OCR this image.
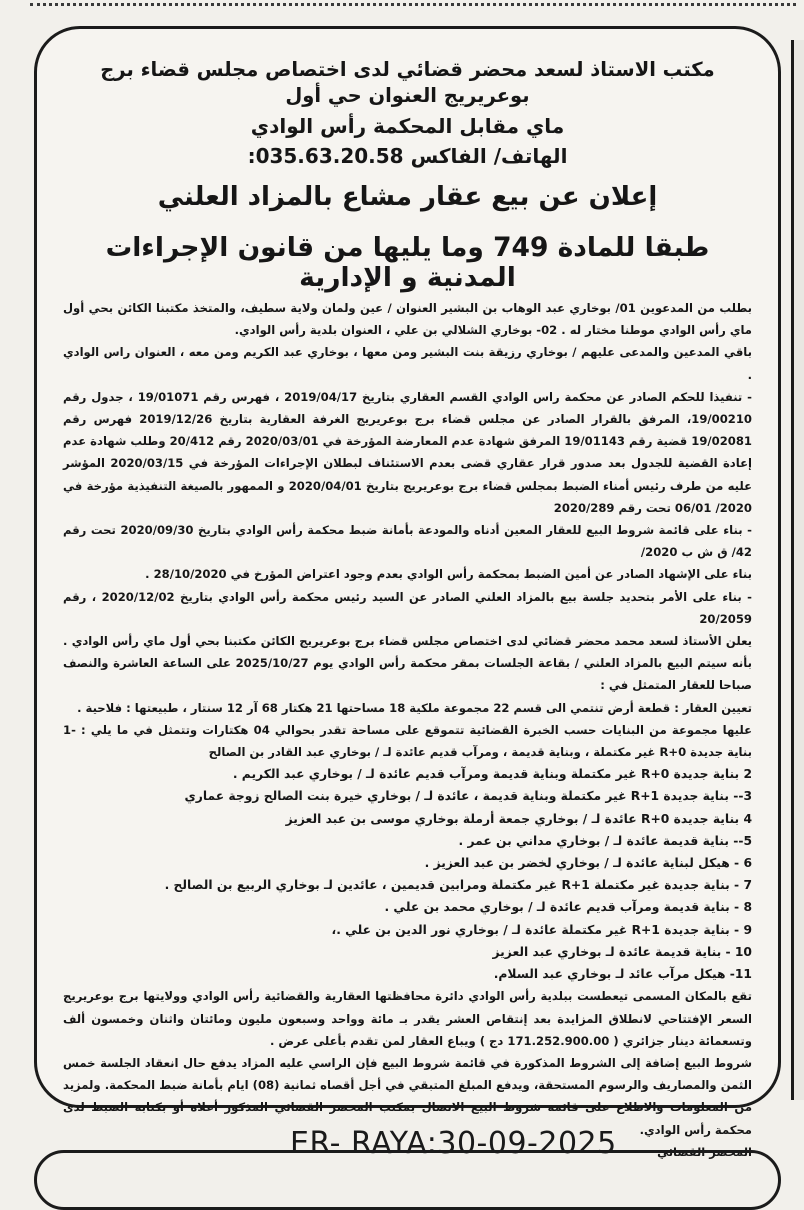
مكتب الاستاذ لسعد محضر قضائي لدى اختصاص مجلس قضاء برج بوعريريج العنوان حي أول
ماي مقابل المحكمة رأس الوادي
الهاتف/ الفاكس 035.63.20.58:
إعلان عن بيع عقار مشاع بالمزاد العلني
طبقا للمادة 749 وما يليها من قانون الإجراءات المدنية و الإدارية

بطلب من المدعوين 01/ بوخاري عبد الوهاب بن البشير العنوان / عين ولمان ولاية سطيف، والمتخذ مكتبنا الكائن بحي أول ماي رأس الوادي موطنا مختار له . 02- بوخاري الشلالي بن علي ، العنوان بلدية رأس الوادي.

باقي المدعين والمدعى عليهم / بوخاري رزيقة بنت البشير ومن معها ، بوخاري عبد الكريم ومن معه ، العنوان راس الوادي .

- تنفيذا للحكم الصادر عن محكمة راس الوادي القسم العقاري بتاريخ 2019/04/17 ، فهرس رقم 19/01071 ، جدول رقم 19/00210، المرفق بالقرار الصادر عن مجلس قضاء برج بوعريريج الغرفة العقارية بتاريخ 2019/12/26 فهرس رقم 19/02081 قضية رقم 19/01143 المرفق شهادة عدم المعارضة المؤرخة في 2020/03/01 رقم 20/412 وطلب شهادة عدم إعادة القضية للجدول بعد صدور قرار عقاري قضى بعدم الاستئناف لبطلان الإجراءات المؤرخة في 2020/03/15 المؤشر عليه من طرف رئيس أمناء الضبط بمجلس قضاء برج بوعريريج بتاريخ 2020/04/01 و الممهور بالصيغة التنفيذية مؤرخة في 2020/ 06/01 تحت رقم 2020/289

- بناء على قائمة شروط البيع للعقار المعين أدناه والمودعة بأمانة ضبط محكمة رأس الوادي بتاريخ 2020/09/30 تحت رقم 42/ ق ش ب 2020/

بناء على الإشهاد الصادر عن أمين الضبط بمحكمة رأس الوادي بعدم وجود اعتراض المؤرخ في 28/10/2020 .

- بناء على الأمر بتحديد جلسة بيع بالمزاد العلني الصادر عن السيد رئيس محكمة رأس الوادي بتاريخ 2020/12/02 ، رقم 20/2059

يعلن الأستاذ لسعد محمد محضر قضائي لدى اختصاص مجلس قضاء برج بوعريريج الكائن مكتبنا بحي أول ماي رأس الوادي . بأنه سيتم البيع بالمزاد العلني / بقاعة الجلسات بمقر محكمة رأس الوادي يوم 2025/10/27 على الساعة العاشرة والنصف صباحا للعقار المتمثل في :

تعيين العقار : قطعة أرض تنتمي الى قسم 22 مجموعة ملكية 18 مساحتها 21 هكتار 68 آر 12 سنتار ، طبيعتها : فلاحية .

عليها مجموعة من البنايات حسب الخبرة القضائية تتموقع على مساحة تقدر بحوالي 04 هكتارات وتتمثل في ما يلي : -1 بناية جديدة R+0 غير مكتملة ، وبناية قديمة ، ومرآب قديم عائدة لـ / بوخاري عبد القادر بن الصالح

2 بناية جديدة R+0 غير مكتملة وبناية قديمة ومرآب قديم عائدة لـ / بوخاري عبد الكريم .

3-- بناية جديدة R+1 غير مكتملة وبناية قديمة ، عائدة لـ / بوخاري خيرة بنت الصالح زوجة عماري

4 بناية جديدة R+0 عائدة لـ / بوخاري جمعة أرملة بوخاري موسى بن عبد العزيز

5-- بناية قديمة عائدة لـ / بوخاري مداني بن عمر .

6 - هيكل لبناية عائدة لـ / بوخاري لخضر بن عبد العزيز .

7 - بناية جديدة غير مكتملة R+1 غير مكتملة ومرابين قديمين ، عائدين لـ بوخاري الربيع بن الصالح .

8 - بناية قديمة ومرآب قديم عائدة لـ / بوخاري محمد بن علي .

9 - بناية جديدة R+1 غير مكتملة عائدة لـ / بوخاري نور الدين بن علي .،

10 - بناية قديمة عائدة لـ بوخاري عبد العزيز

11- هيكل مرآب عائد لـ بوخاري عبد السلام.

تقع بالمكان المسمى تيعطست ببلدية رأس الوادي دائرة محافظتها العقارية والقضائية رأس الوادي وولايتها برج بوعريريج السعر الإفتتاحي لانطلاق المزايدة بعد إنتقاص العشر يقدر بـ مائة وواحد وسبعون مليون ومائتان واثنان وخمسون ألف وتسعمائة دينار جزائري ( 171.252.900.00 دج ) ويباع العقار لمن تقدم بأعلى عرض .

شروط البيع إضافة إلى الشروط المذكورة في قائمة شروط البيع فإن الراسي عليه المزاد يدفع حال انعقاد الجلسة خمس الثمن والمصاريف والرسوم المستحقة، ويدفع المبلغ المتبقي في أجل أقصاه ثمانية (08) ايام بأمانة ضبط المحكمة. ولمزيد من المعلومات والاطلاع على قائمة شروط البيع الاتصال بمكتب المحضر القضائي المذكور أعلاه أو بكتابة الضبط لدى محكمة رأس الوادي.

المحضر القضائي
ER- RAYA:30-09-2025
